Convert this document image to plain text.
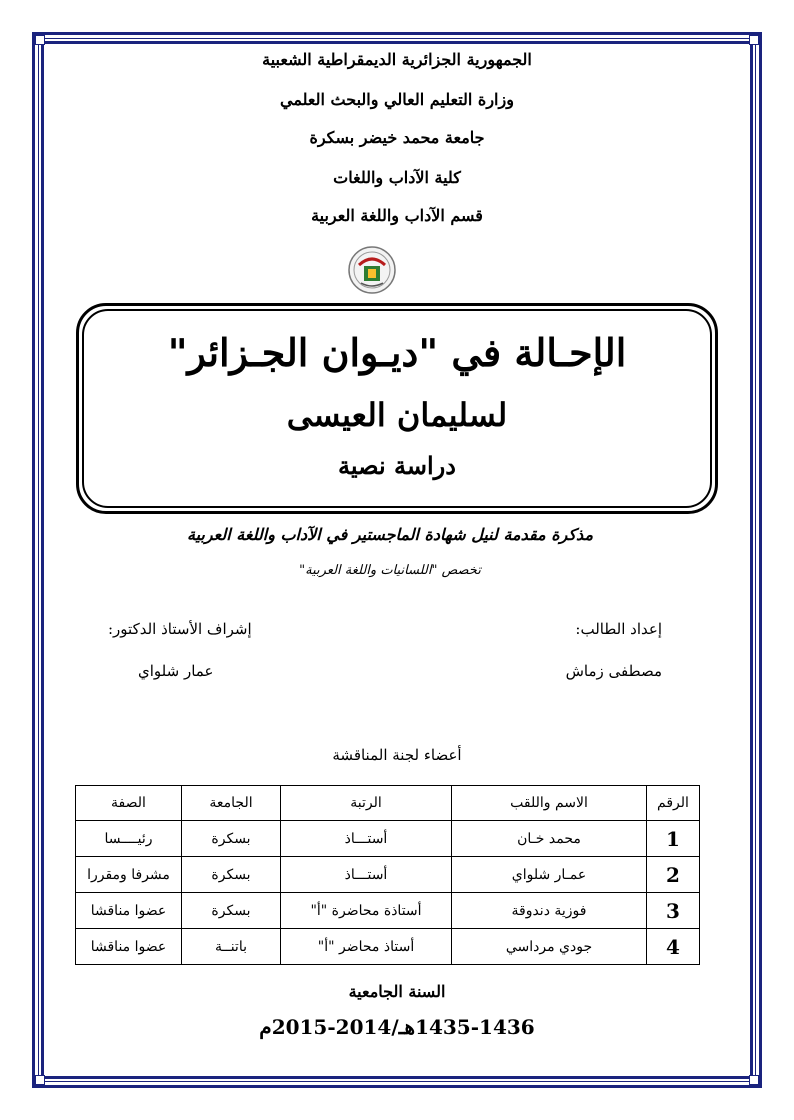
الجمهورية الجزائرية الديمقراطية الشعبية
وزارة التعليم العالي والبحث العلمي
جامعة محمد خيضر بسكرة
كلية الآداب واللغات
قسم الآداب واللغة العربية
الإحـالة في "ديـوان الجـزائر"
لسليمان العيسى
دراسة نصية
مذكرة مقدمة لنيل شهادة الماجستير في الآداب واللغة العربية
تخصص "اللسانيات واللغة العربية"
إعداد الطالب:
مصطفى زماش
إشراف الأستاذ الدكتور:
عمار شلواي
أعضاء لجنة المناقشة
الرقم	الاسم واللقب	الرتبة	الجامعة	الصفة
1	محمد خـان	أستـــاذ	بسكرة	رئيــــسا
2	عمـار شلواي	أستـــاذ	بسكرة	مشرفا ومقررا
3	فوزية دندوقة	أستاذة محاضرة "أ"	بسكرة	عضوا مناقشا
4	جودي مرداسي	أستاذ محاضر "أ"	باتنــة	عضوا مناقشا
السنة الجامعية
1435-1436هـ/2014-2015م
